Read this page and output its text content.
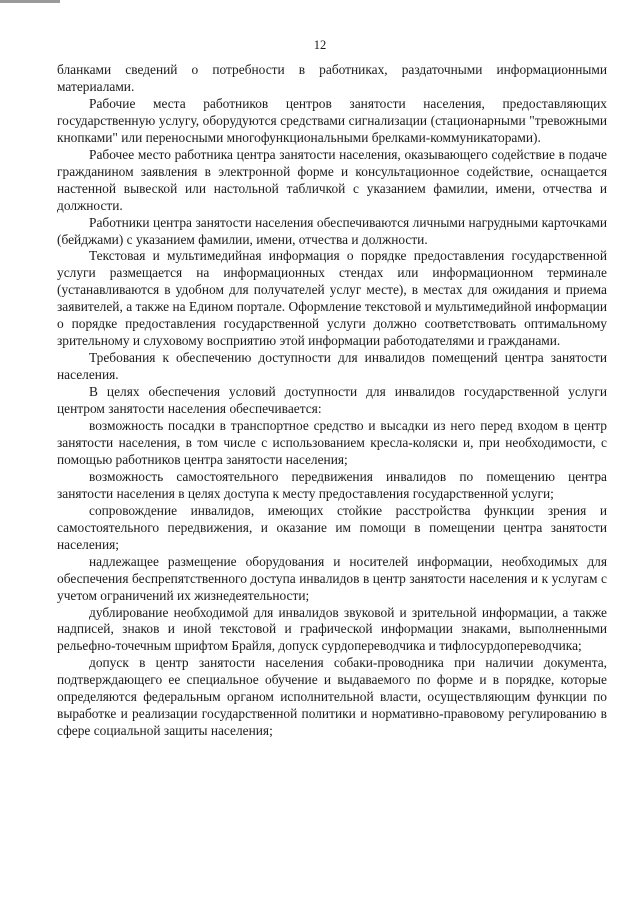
12

бланками сведений о потребности в работниках, раздаточными информационными материалами.

Рабочие места работников центров занятости населения, предоставляющих государственную услугу, оборудуются средствами сигнализации (стационарными "тревожными кнопками" или переносными многофункциональными брелками-коммуникаторами).

Рабочее место работника центра занятости населения, оказывающего содействие в подаче гражданином заявления в электронной форме и консультационное содействие, оснащается настенной вывеской или настольной табличкой с указанием фамилии, имени, отчества и должности.

Работники центра занятости населения обеспечиваются личными нагрудными карточками (бейджами) с указанием фамилии, имени, отчества и должности.

Текстовая и мультимедийная информация о порядке предоставления государственной услуги размещается на информационных стендах или информационном терминале (устанавливаются в удобном для получателей услуг месте), в местах для ожидания и приема заявителей, а также на Едином портале. Оформление текстовой и мультимедийной информации о порядке предоставления государственной услуги должно соответствовать оптимальному зрительному и слуховому восприятию этой информации работодателями и гражданами.

Требования к обеспечению доступности для инвалидов помещений центра занятости населения.

В целях обеспечения условий доступности для инвалидов государственной услуги центром занятости населения обеспечивается:

возможность посадки в транспортное средство и высадки из него перед входом в центр занятости населения, в том числе с использованием кресла-коляски и, при необходимости, с помощью работников центра занятости населения;

возможность самостоятельного передвижения инвалидов по помещению центра занятости населения в целях доступа к месту предоставления государственной услуги;

сопровождение инвалидов, имеющих стойкие расстройства функции зрения и самостоятельного передвижения, и оказание им помощи в помещении центра занятости населения;

надлежащее размещение оборудования и носителей информации, необходимых для обеспечения беспрепятственного доступа инвалидов в центр занятости населения и к услугам с учетом ограничений их жизнедеятельности;

дублирование необходимой для инвалидов звуковой и зрительной информации, а также надписей, знаков и иной текстовой и графической информации знаками, выполненными рельефно-точечным шрифтом Брайля, допуск сурдопереводчика и тифлосурдопереводчика;

допуск в центр занятости населения собаки-проводника при наличии документа, подтверждающего ее специальное обучение и выдаваемого по форме и в порядке, которые определяются федеральным органом исполнительной власти, осуществляющим функции по выработке и реализации государственной политики и нормативно-правовому регулированию в сфере социальной защиты населения;
